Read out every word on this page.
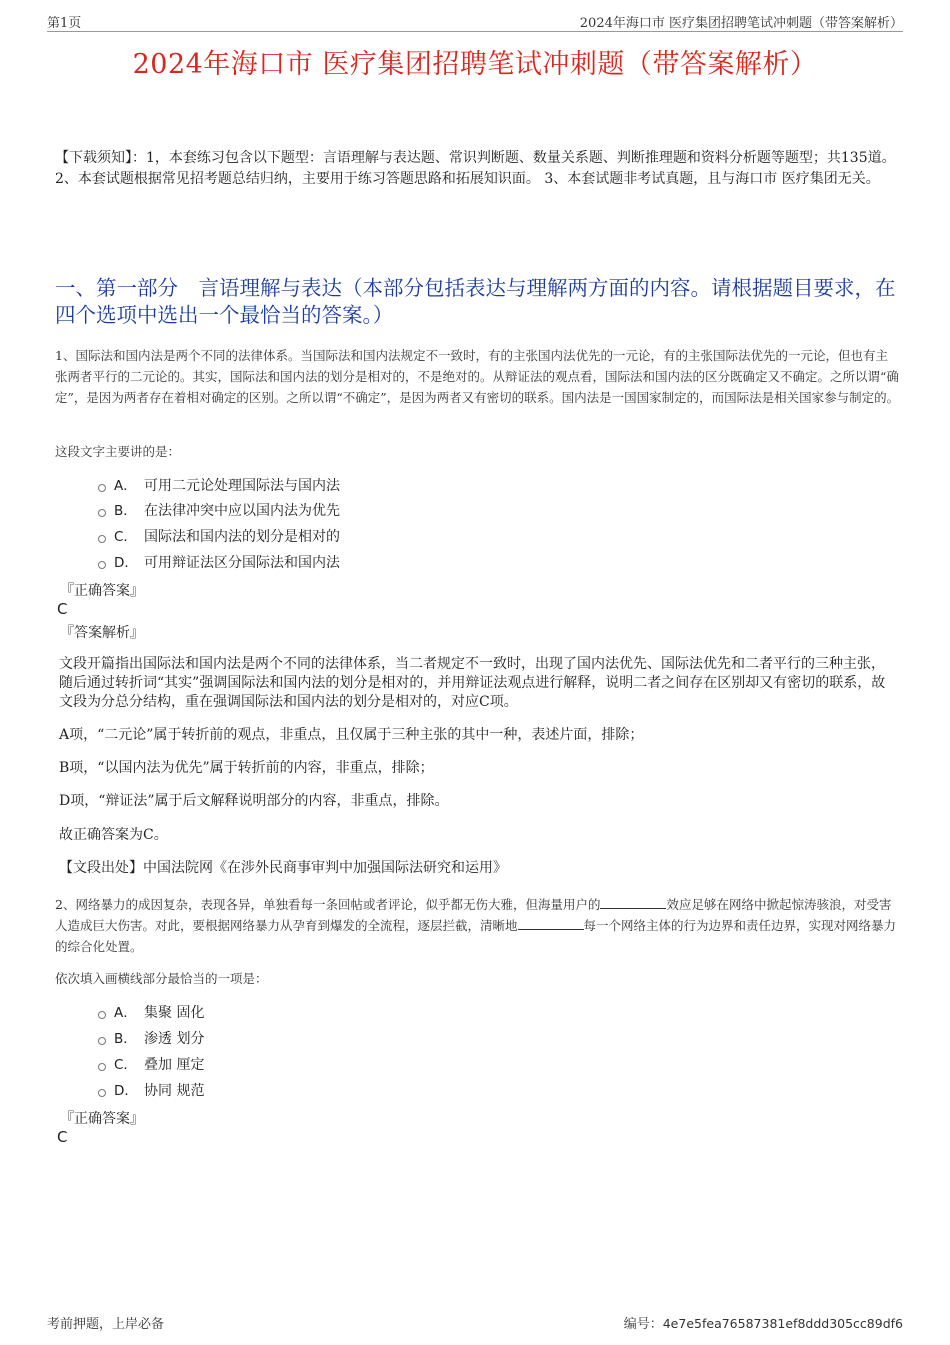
第1页	2024年海口市 医疗集团招聘笔试冲刺题（带答案解析）
2024年海口市 医疗集团招聘笔试冲刺题（带答案解析）
【下载须知】：1，本套练习包含以下题型：言语理解与表达题、常识判断题、数量关系题、判断推理题和资料分析题等题型；共135道。 2、本套试题根据常见招考题总结归纳，主要用于练习答题思路和拓展知识面。 3、本套试题非考试真题，且与海口市 医疗集团无关。
一、第一部分　言语理解与表达（本部分包括表达与理解两方面的内容。请根据题目要求，在四个选项中选出一个最恰当的答案。）
1、国际法和国内法是两个不同的法律体系。当国际法和国内法规定不一致时，有的主张国内法优先的一元论，有的主张国际法优先的一元论，但也有主张两者平行的二元论的。其实，国际法和国内法的划分是相对的，不是绝对的。从辩证法的观点看，国际法和国内法的区分既确定又不确定。之所以谓“确定”，是因为两者存在着相对确定的区别。之所以谓“不确定”，是因为两者又有密切的联系。国内法是一国国家制定的，而国际法是相关国家参与制定的。
这段文字主要讲的是：
A． 可用二元论处理国际法与国内法
B． 在法律冲突中应以国内法为优先
C． 国际法和国内法的划分是相对的
D． 可用辩证法区分国际法和国内法
『正确答案』
C
『答案解析』
文段开篇指出国际法和国内法是两个不同的法律体系，当二者规定不一致时，出现了国内法优先、国际法优先和二者平行的三种主张，随后通过转折词“其实”强调国际法和国内法的划分是相对的，并用辩证法观点进行解释，说明二者之间存在区别却又有密切的联系，故文段为分总分结构，重在强调国际法和国内法的划分是相对的，对应C项。
A项，“二元论”属于转折前的观点，非重点，且仅属于三种主张的其中一种，表述片面，排除；
B项，“以国内法为优先”属于转折前的内容，非重点，排除；
D项，“辩证法”属于后文解释说明部分的内容，非重点，排除。
故正确答案为C。
【文段出处】中国法院网《在涉外民商事审判中加强国际法研究和运用》
2、网络暴力的成因复杂，表现各异，单独看每一条回帖或者评论，似乎都无伤大雅，但海量用户的	效应足够在网络中掀起惊涛骇浪，对受害人造成巨大伤害。对此，要根据网络暴力从孕育到爆发的全流程，逐层拦截，清晰地	每一个网络主体的行为边界和责任边界，实现对网络暴力的综合化处置。
依次填入画横线部分最恰当的一项是：
A． 集聚 固化
B． 渗透 划分
C． 叠加 厘定
D． 协同 规范
『正确答案』
C
考前押题，上岸必备	编号：4e7e5fea76587381ef8ddd305cc89df6
